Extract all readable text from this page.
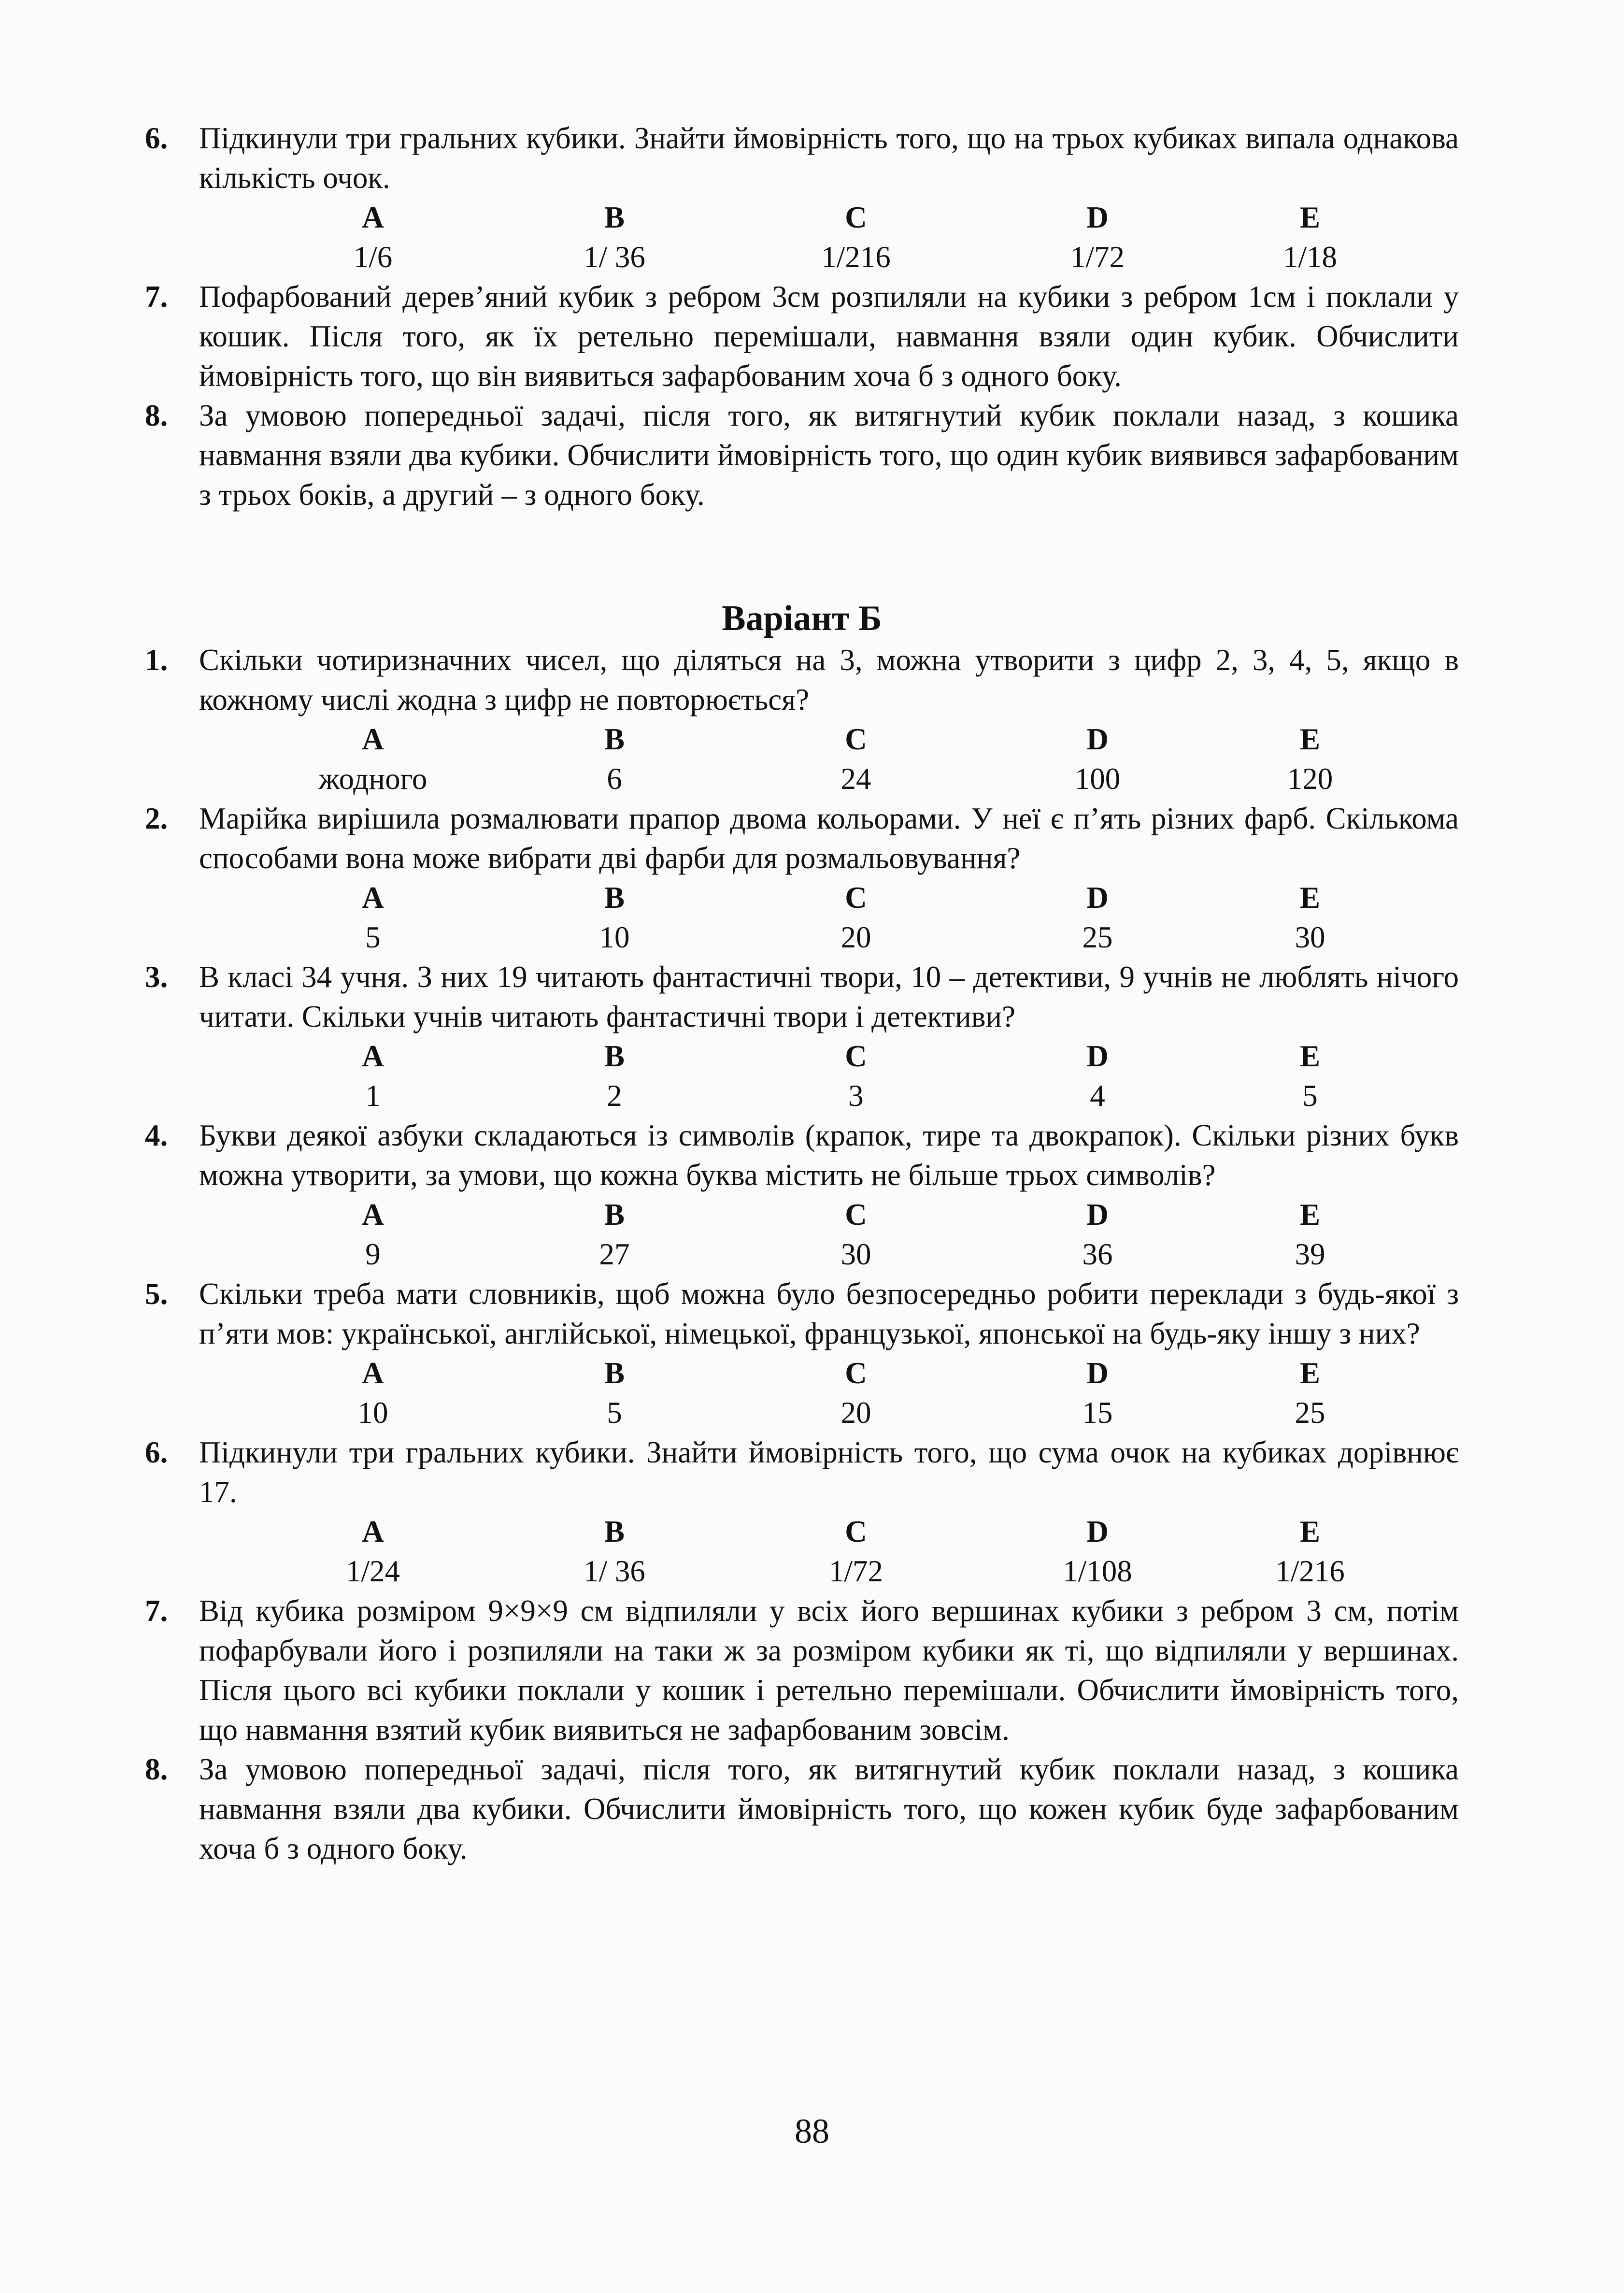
6. Підкинули три гральних кубики. Знайти ймовірність того, що на трьох кубиках випала однакова кількість очок.
A	B	C	D	E
1/6	1/ 36	1/216	1/72	1/18
7. Пофарбований дерев’яний кубик з ребром 3см розпиляли на кубики з ребром 1см і поклали у кошик. Після того, як їх ретельно перемішали, навмання взяли один кубик. Обчислити ймовірність того, що він виявиться зафарбованим хоча б з одного боку.
8. За умовою попередньої задачі, після того, як витягнутий кубик поклали назад, з кошика навмання взяли два кубики. Обчислити ймовірність того, що один кубик виявився зафарбованим з трьох боків, а другий – з одного боку.
Варіант Б
1. Скільки чотиризначних чисел, що діляться на 3, можна утворити з цифр 2, 3, 4, 5, якщо в кожному числі жодна з цифр не повторюється?
A	B	C	D	E
жодного	6	24	100	120
2. Марійка вирішила розмалювати прапор двома кольорами. У неї є п’ять різних фарб. Скількома способами вона може вибрати дві фарби для розмальовування?
A	B	C	D	E
5	10	20	25	30
3. В класі 34 учня. З них 19 читають фантастичні твори, 10 – детективи, 9 учнів не люблять нічого читати. Скільки учнів читають фантастичні твори і детективи?
A	B	C	D	E
1	2	3	4	5
4. Букви деякої азбуки складаються із символів (крапок, тире та двокрапок). Скільки різних букв можна утворити, за умови, що кожна буква містить не більше трьох символів?
A	B	C	D	E
9	27	30	36	39
5. Скільки треба мати словників, щоб можна було безпосередньо робити переклади з будь-якої з п’яти мов: української, англійської, німецької, французької, японської на будь-яку іншу з них?
A	B	C	D	E
10	5	20	15	25
6. Підкинули три гральних кубики. Знайти ймовірність того, що сума очок на кубиках дорівнює 17.
A	B	C	D	E
1/24	1/ 36	1/72	1/108	1/216
7. Від кубика розміром 9×9×9 см відпиляли у всіх його вершинах кубики з ребром 3 см, потім пофарбували його і розпиляли на таки ж за розміром кубики як ті, що відпиляли у вершинах. Після цього всі кубики поклали у кошик і ретельно перемішали. Обчислити ймовірність того, що навмання взятий кубик виявиться не зафарбованим зовсім.
8. За умовою попередньої задачі, після того, як витягнутий кубик поклали назад, з кошика навмання взяли два кубики. Обчислити ймовірність того, що кожен кубик буде зафарбованим хоча б з одного боку.
88
